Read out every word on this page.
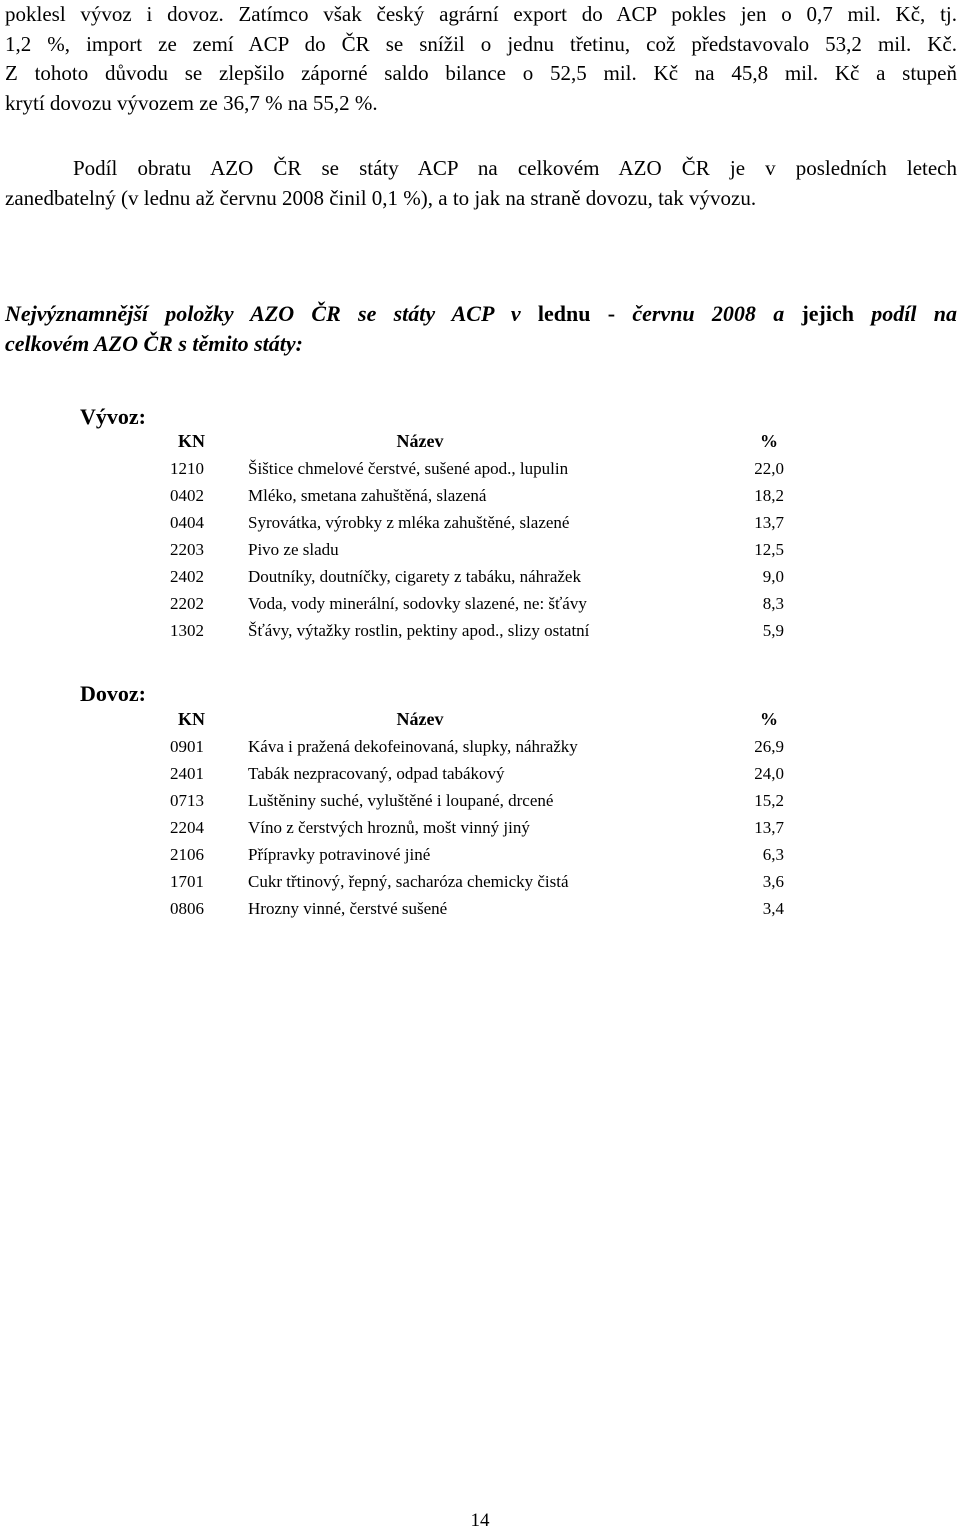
poklesl vývoz i dovoz. Zatímco však český agrární export do ACP pokles jen o 0,7 mil. Kč, tj.
1,2 %, import ze zemí ACP do ČR se snížil o jednu třetinu, což představovalo 53,2 mil. Kč.
Z tohoto důvodu se zlepšilo záporné saldo bilance o 52,5 mil. Kč na 45,8 mil. Kč a stupeň
krytí dovozu vývozem ze 36,7 % na 55,2 %.
Podíl obratu AZO ČR se státy ACP na celkovém AZO ČR je v posledních letech
zanedbatelný (v lednu až červnu 2008 činil 0,1 %), a to jak na straně dovozu, tak vývozu.
Nejvýznamnější položky AZO ČR se státy ACP v lednu - červnu 2008 a jejich podíl na
celkovém AZO ČR s těmito státy:
Vývoz:
KN	Název	%
1210	Šištice chmelové čerstvé, sušené apod., lupulin	22,0
0402	Mléko, smetana zahuštěná, slazená	18,2
0404	Syrovátka, výrobky z mléka zahuštěné, slazené	13,7
2203	Pivo ze sladu	12,5
2402	Doutníky, doutníčky, cigarety z tabáku, náhražek	9,0
2202	Voda, vody minerální, sodovky slazené, ne: šťávy	8,3
1302	Šťávy, výtažky rostlin, pektiny apod., slizy ostatní	5,9
Dovoz:
KN	Název	%
0901	Káva i pražená dekofeinovaná, slupky, náhražky	26,9
2401	Tabák nezpracovaný, odpad tabákový	24,0
0713	Luštěniny suché, vyluštěné i loupané, drcené	15,2
2204	Víno z čerstvých hroznů, mošt vinný jiný	13,7
2106	Přípravky potravinové jiné	6,3
1701	Cukr třtinový, řepný, sacharóza chemicky čistá	3,6
0806	Hrozny vinné, čerstvé sušené	3,4
14
